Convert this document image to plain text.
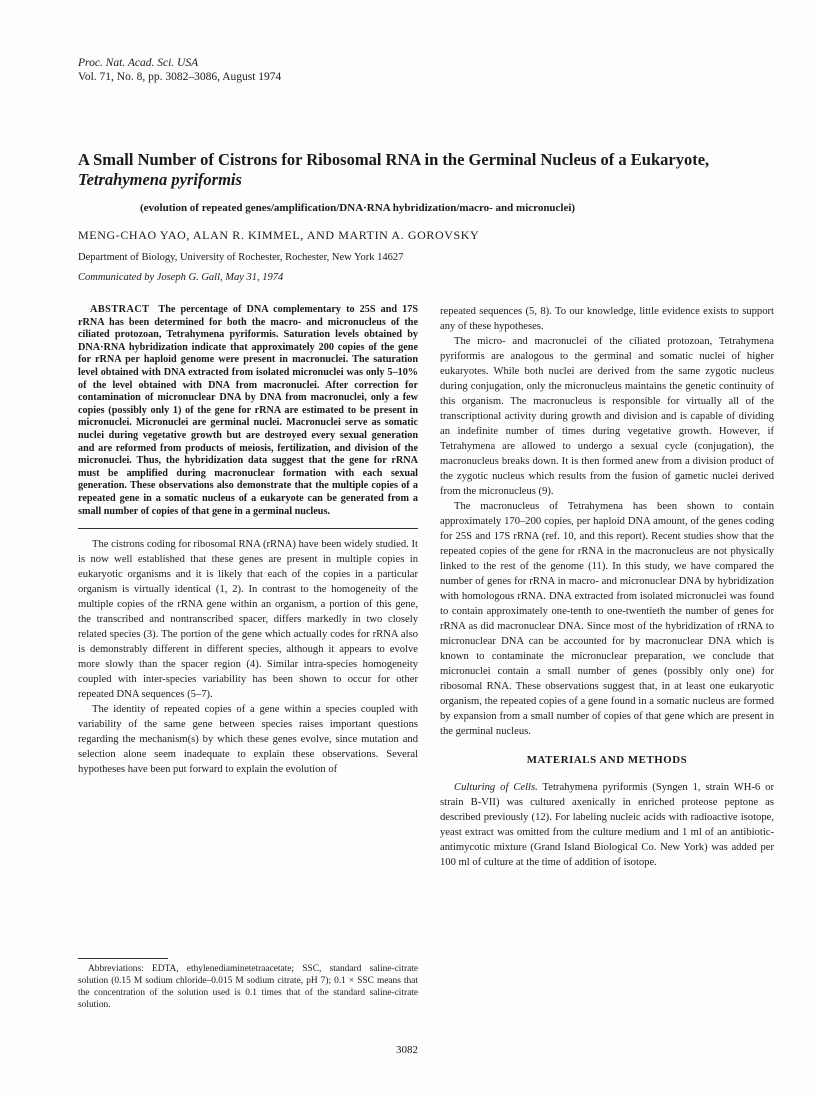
Proc. Nat. Acad. Sci. USA
Vol. 71, No. 8, pp. 3082–3086, August 1974
A Small Number of Cistrons for Ribosomal RNA in the Germinal Nucleus of a Eukaryote, Tetrahymena pyriformis
(evolution of repeated genes/amplification/DNA·RNA hybridization/macro- and micronuclei)
MENG-CHAO YAO, ALAN R. KIMMEL, AND MARTIN A. GOROVSKY
Department of Biology, University of Rochester, Rochester, New York 14627
Communicated by Joseph G. Gall, May 31, 1974
ABSTRACT The percentage of DNA complementary to 25S and 17S rRNA has been determined for both the macro- and micronucleus of the ciliated protozoan, Tetrahymena pyriformis. Saturation levels obtained by DNA·RNA hybridization indicate that approximately 200 copies of the gene for rRNA per haploid genome were present in macronuclei. The saturation level obtained with DNA extracted from isolated micronuclei was only 5–10% of the level obtained with DNA from macronuclei. After correction for contamination of micronuclear DNA by DNA from macronuclei, only a few copies (possibly only 1) of the gene for rRNA are estimated to be present in micronuclei. Micronuclei are germinal nuclei. Macronuclei serve as somatic nuclei during vegetative growth but are destroyed every sexual generation and are reformed from products of meiosis, fertilization, and division of the micronuclei. Thus, the hybridization data suggest that the gene for rRNA must be amplified during macronuclear formation with each sexual generation. These observations also demonstrate that the multiple copies of a repeated gene in a somatic nucleus of a eukaryote can be generated from a small number of copies of that gene in a germinal nucleus.

The cistrons coding for ribosomal RNA (rRNA) have been widely studied. It is now well established that these genes are present in multiple copies in eukaryotic organisms and it is likely that each of the copies in a particular organism is virtually identical (1, 2). In contrast to the homogeneity of the multiple copies of the rRNA gene within an organism, a portion of this gene, the transcribed and nontranscribed spacer, differs markedly in two closely related species (3). The portion of the gene which actually codes for rRNA also is demonstrably different in different species, although it appears to evolve more slowly than the spacer region (4). Similar intra-species homogeneity coupled with inter-species variability has been shown to occur for other repeated DNA sequences (5–7).

The identity of repeated copies of a gene within a species coupled with variability of the same gene between species raises important questions regarding the mechanism(s) by which these genes evolve, since mutation and selection alone seem inadequate to explain these observations. Several hypotheses have been put forward to explain the evolution of

repeated sequences (5, 8). To our knowledge, little evidence exists to support any of these hypotheses.

The micro- and macronuclei of the ciliated protozoan, Tetrahymena pyriformis are analogous to the germinal and somatic nuclei of higher eukaryotes. While both nuclei are derived from the same zygotic nucleus during conjugation, only the micronucleus maintains the genetic continuity of this organism. The macronucleus is responsible for virtually all of the transcriptional activity during growth and division and is capable of dividing an indefinite number of times during vegetative growth. However, if Tetrahymena are allowed to undergo a sexual cycle (conjugation), the macronucleus breaks down. It is then formed anew from a division product of the zygotic nucleus which results from the fusion of gametic nuclei derived from the micronucleus (9).

The macronucleus of Tetrahymena has been shown to contain approximately 170–200 copies, per haploid DNA amount, of the genes coding for 25S and 17S rRNA (ref. 10, and this report). Recent studies show that the repeated copies of the gene for rRNA in the macronucleus are not physically linked to the rest of the genome (11). In this study, we have compared the number of genes for rRNA in macro- and micronuclear DNA by hybridization with homologous rRNA. DNA extracted from isolated micronuclei was found to contain approximately one-tenth to one-twentieth the number of genes for rRNA as did macronuclear DNA. Since most of the hybridization of rRNA to micronuclear DNA can be accounted for by macronuclear DNA which is known to contaminate the micronuclear preparation, we conclude that micronuclei contain a small number of genes (possibly only one) for ribosomal RNA. These observations suggest that, in at least one eukaryotic organism, the repeated copies of a gene found in a somatic nucleus are formed by expansion from a small number of copies of that gene which are present in the germinal nucleus.

MATERIALS AND METHODS

Culturing of Cells. Tetrahymena pyriformis (Syngen 1, strain WH-6 or strain B-VII) was cultured axenically in enriched proteose peptone as described previously (12). For labeling nucleic acids with radioactive isotope, yeast extract was omitted from the culture medium and 1 ml of an antibiotic-antimycotic mixture (Grand Island Biological Co. New York) was added per 100 ml of culture at the time of addition of isotope.

Abbreviations: EDTA, ethylenediaminetetraacetate; SSC, standard saline-citrate solution (0.15 M sodium chloride–0.015 M sodium citrate, pH 7); 0.1 × SSC means that the concentration of the solution used is 0.1 times that of the standard saline-citrate solution.
3082
